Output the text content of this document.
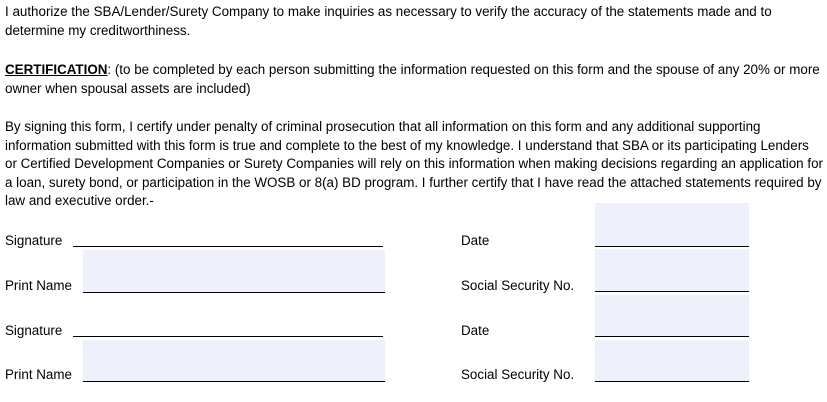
I authorize the SBA/Lender/Surety Company to make inquiries as necessary to verify the accuracy of the statements made and to determine my creditworthiness.

CERTIFICATION: (to be completed by each person submitting the information requested on this form and the spouse of any 20% or more owner when spousal assets are included)

By signing this form, I certify under penalty of criminal prosecution that all information on this form and any additional supporting information submitted with this form is true and complete to the best of my knowledge. I understand that SBA or its participating Lenders or Certified Development Companies or Surety Companies will rely on this information when making decisions regarding an application for a loan, surety bond, or participation in the WOSB or 8(a) BD program. I further certify that I have read the attached statements required by law and executive order.-

Signature	Date
Print Name	Social Security No.
Signature	Date
Print Name	Social Security No.
